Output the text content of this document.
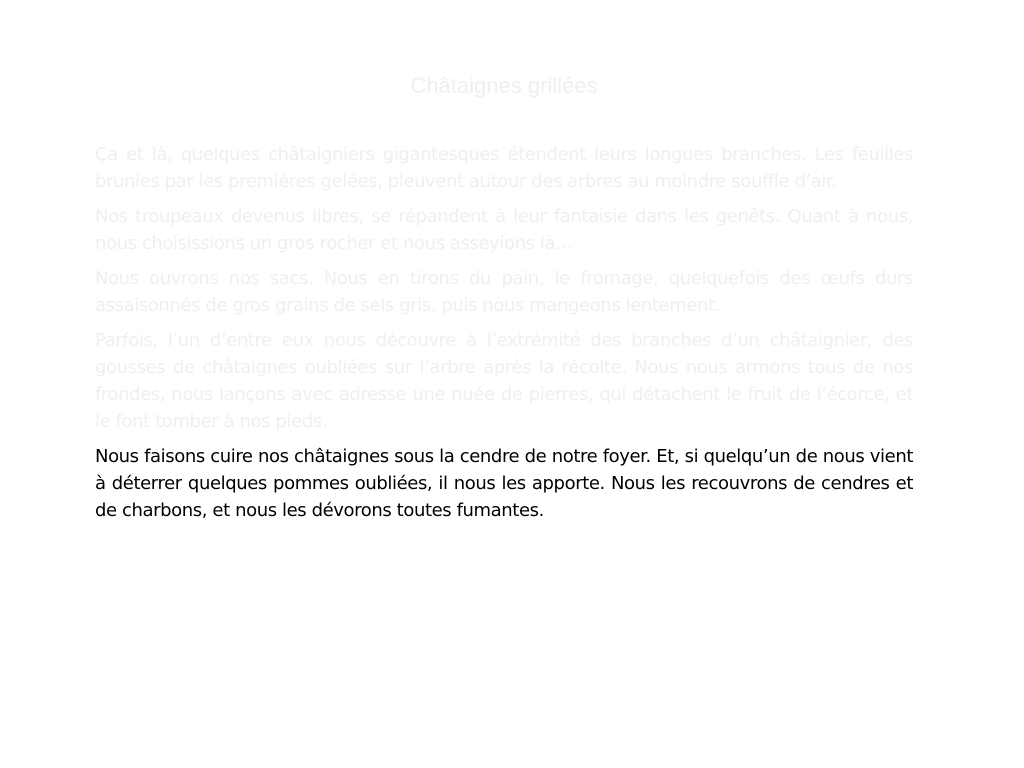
Châtaignes grillées

Ça et là, quelques châtaigniers gigantesques étendent leurs longues branches. Les feuilles brunies par les premières gelées, pleuvent autour des arbres au moindre souffle d’air.

Nos troupeaux devenus libres, se répandent à leur fantaisie dans les genêts. Quant à nous, nous choisissions un gros rocher et nous asseyions là…

Nous ouvrons nos sacs. Nous en tirons du pain, le fromage, quelquefois des œufs durs assaisonnés de gros grains de sels gris, puis nous mangeons lentement.

Parfois, l’un d’entre eux nous découvre à l’extrémité des branches d’un châtaignier, des gousses de châtaignes oubliées sur l’arbre après la récolte. Nous nous armons tous de nos frondes, nous lançons avec adresse une nuée de pierres, qui détachent le fruit de l’écorce, et le font tomber à nos pieds.

Nous faisons cuire nos châtaignes sous la cendre de notre foyer. Et, si quelqu’un de nous vient à déterrer quelques pommes oubliées, il nous les apporte. Nous les recouvrons de cendres et de charbons, et nous les dévorons toutes fumantes.
